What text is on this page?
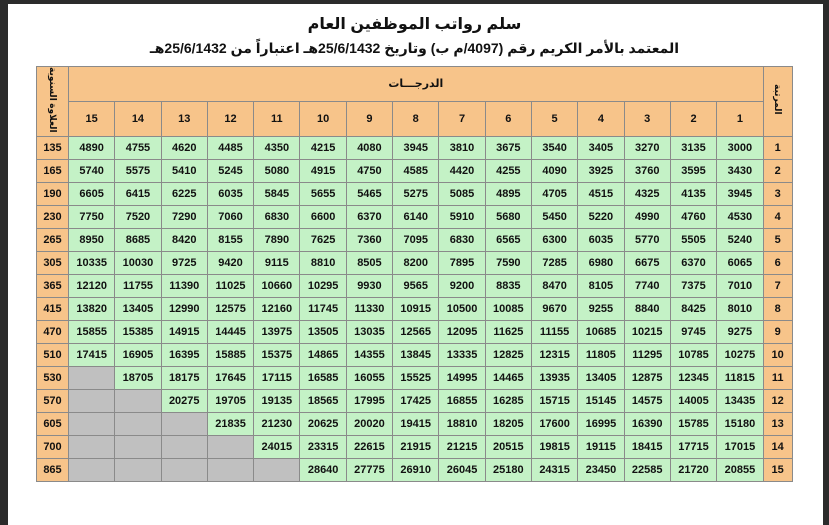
سلم رواتب الموظفين العام
المعتمد بالأمر الكريم رقم (4097/م ب) وتاريخ 25/6/1432هـ اعتباراً من 25/6/1432هـ
العلاوة السنوية	الدرجـــات															المرتبة
	15	14	13	12	11	10	9	8	7	6	5	4	3	2	1	
135	4890	4755	4620	4485	4350	4215	4080	3945	3810	3675	3540	3405	3270	3135	3000	1
165	5740	5575	5410	5245	5080	4915	4750	4585	4420	4255	4090	3925	3760	3595	3430	2
190	6605	6415	6225	6035	5845	5655	5465	5275	5085	4895	4705	4515	4325	4135	3945	3
230	7750	7520	7290	7060	6830	6600	6370	6140	5910	5680	5450	5220	4990	4760	4530	4
265	8950	8685	8420	8155	7890	7625	7360	7095	6830	6565	6300	6035	5770	5505	5240	5
305	10335	10030	9725	9420	9115	8810	8505	8200	7895	7590	7285	6980	6675	6370	6065	6
365	12120	11755	11390	11025	10660	10295	9930	9565	9200	8835	8470	8105	7740	7375	7010	7
415	13820	13405	12990	12575	12160	11745	11330	10915	10500	10085	9670	9255	8840	8425	8010	8
470	15855	15385	14915	14445	13975	13505	13035	12565	12095	11625	11155	10685	10215	9745	9275	9
510	17415	16905	16395	15885	15375	14865	14355	13845	13335	12825	12315	11805	11295	10785	10275	10
530		18705	18175	17645	17115	16585	16055	15525	14995	14465	13935	13405	12875	12345	11815	11
570			20275	19705	19135	18565	17995	17425	16855	16285	15715	15145	14575	14005	13435	12
605				21835	21230	20625	20020	19415	18810	18205	17600	16995	16390	15785	15180	13
700					24015	23315	22615	21915	21215	20515	19815	19115	18415	17715	17015	14
865						28640	27775	26910	26045	25180	24315	23450	22585	21720	20855	15
